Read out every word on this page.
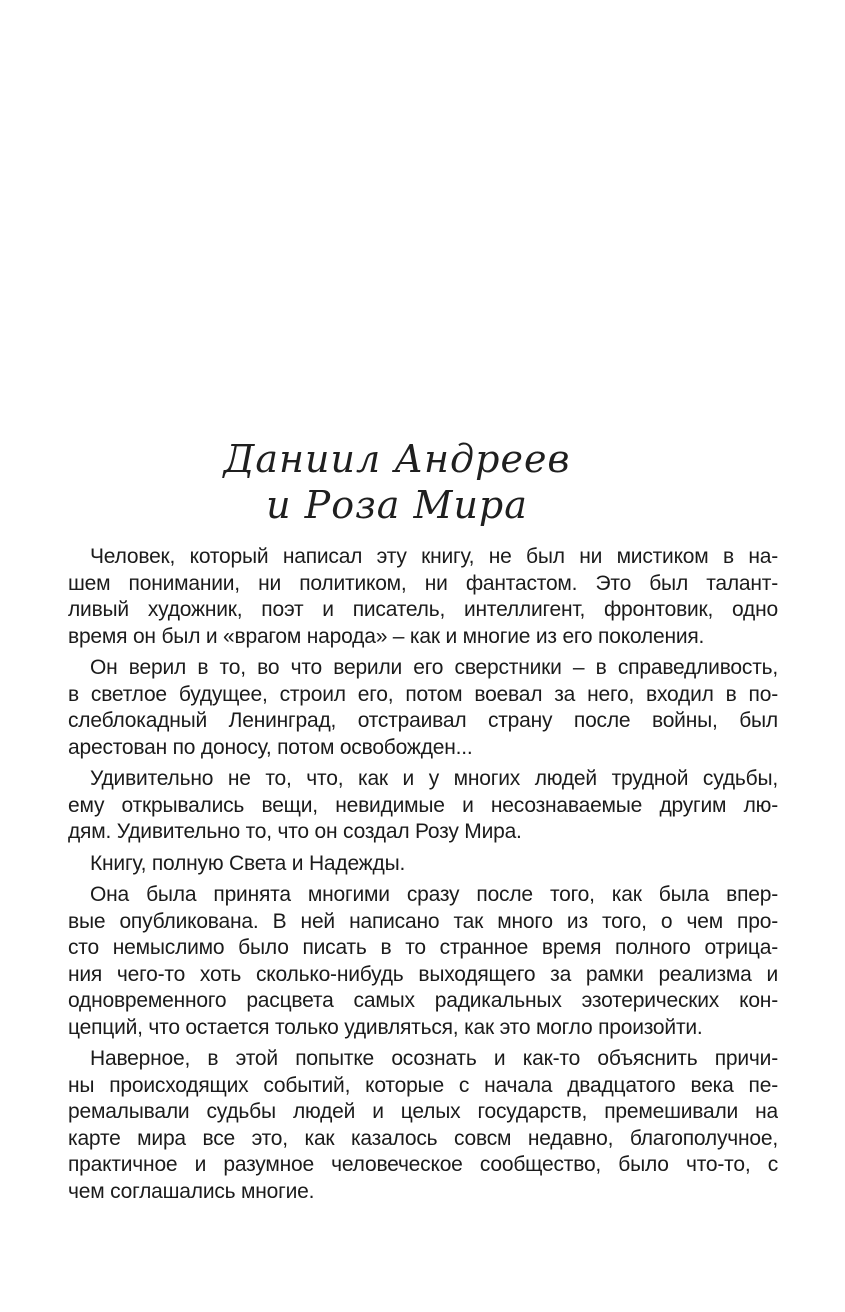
Даниил Андреев
и Роза Мира
Человек, который написал эту книгу, не был ни мистиком в на-
шем понимании, ни политиком, ни фантастом. Это был талант-
ливый художник, поэт и писатель, интеллигент, фронтовик, одно
время он был и «врагом народа» – как и многие из его поколения.
Он верил в то, во что верили его сверстники – в справедливость,
в светлое будущее, строил его, потом воевал за него, входил в по-
слеблокадный Ленинград, отстраивал страну после войны, был
арестован по доносу, потом освобожден...
Удивительно не то, что, как и у многих людей трудной судьбы,
ему открывались вещи, невидимые и несознаваемые другим лю-
дям. Удивительно то, что он создал Розу Мира.
Книгу, полную Света и Надежды.
Она была принята многими сразу после того, как была впер-
вые опубликована. В ней написано так много из того, о чем про-
сто немыслимо было писать в то странное время полного отрица-
ния чего-то хоть сколько-нибудь выходящего за рамки реализма и
одновременного расцвета самых радикальных эзотерических кон-
цепций, что остается только удивляться, как это могло произойти.
Наверное, в этой попытке осознать и как-то объяснить причи-
ны происходящих событий, которые с начала двадцатого века пе-
ремалывали судьбы людей и целых государств, премешивали на
карте мира все это, как казалось совсм недавно, благополучное,
практичное и разумное человеческое сообщество, было что-то, с
чем соглашались многие.
